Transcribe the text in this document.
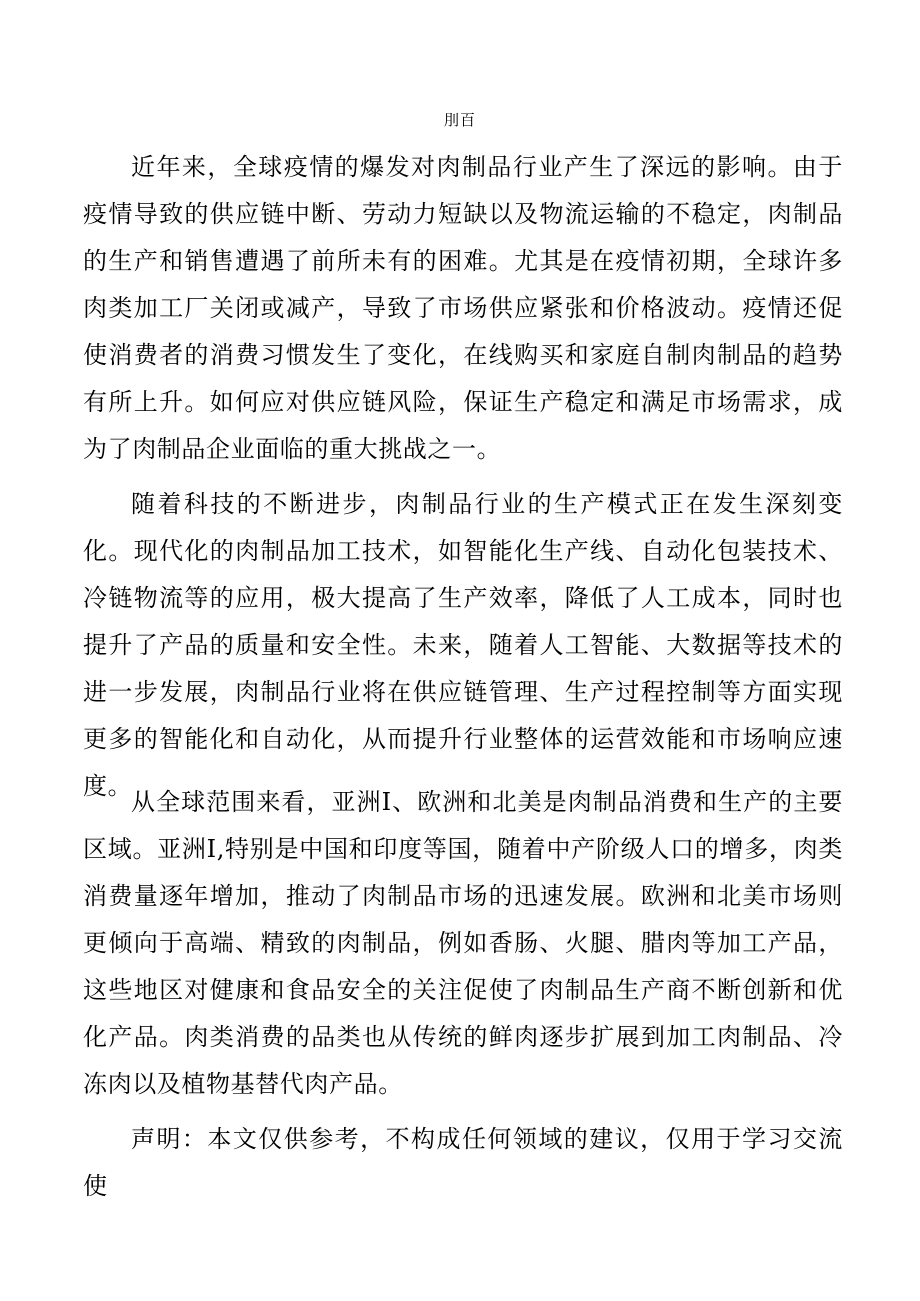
刖百

近年来，全球疫情的爆发对肉制品行业产生了深远的影响。由于疫情导致的供应链中断、劳动力短缺以及物流运输的不稳定，肉制品的生产和销售遭遇了前所未有的困难。尤其是在疫情初期，全球许多肉类加工厂关闭或减产，导致了市场供应紧张和价格波动。疫情还促使消费者的消费习惯发生了变化，在线购买和家庭自制肉制品的趋势有所上升。如何应对供应链风险，保证生产稳定和满足市场需求，成为了肉制品企业面临的重大挑战之一。

随着科技的不断进步，肉制品行业的生产模式正在发生深刻变化。现代化的肉制品加工技术，如智能化生产线、自动化包装技术、冷链物流等的应用，极大提高了生产效率，降低了人工成本，同时也提升了产品的质量和安全性。未来，随着人工智能、大数据等技术的进一步发展，肉制品行业将在供应链管理、生产过程控制等方面实现更多的智能化和自动化，从而提升行业整体的运营效能和市场响应速度。

从全球范围来看，亚洲I、欧洲和北美是肉制品消费和生产的主要区域。亚洲I,特别是中国和印度等国，随着中产阶级人口的增多，肉类消费量逐年增加，推动了肉制品市场的迅速发展。欧洲和北美市场则更倾向于高端、精致的肉制品，例如香肠、火腿、腊肉等加工产品，这些地区对健康和食品安全的关注促使了肉制品生产商不断创新和优化产品。肉类消费的品类也从传统的鲜肉逐步扩展到加工肉制品、冷冻肉以及植物基替代肉产品。

声明：本文仅供参考，不构成任何领域的建议，仅用于学习交流使
